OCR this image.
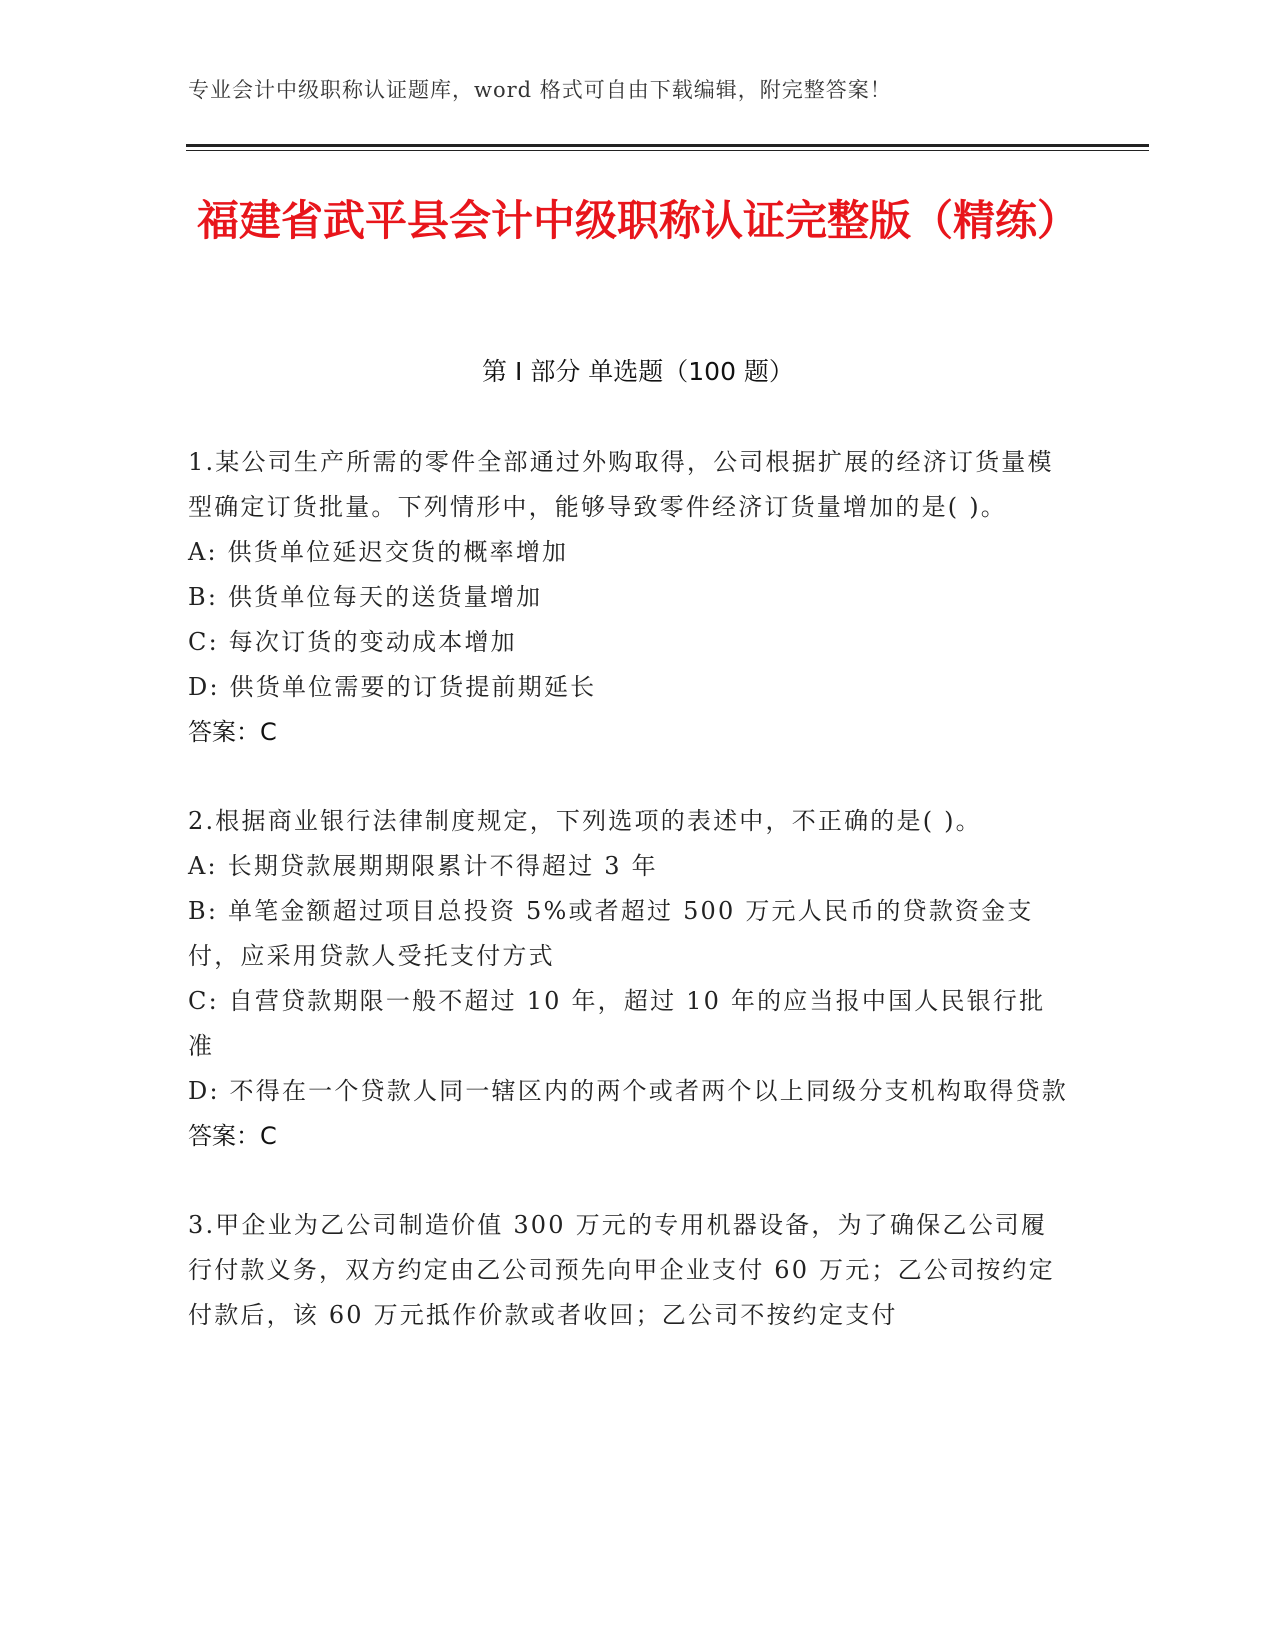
专业会计中级职称认证题库，word 格式可自由下载编辑，附完整答案！
福建省武平县会计中级职称认证完整版（精练）
第 I 部分 单选题（100 题）

1.某公司生产所需的零件全部通过外购取得，公司根据扩展的经济订货量模型确定订货批量。下列情形中，能够导致零件经济订货量增加的是( )。

A: 供货单位延迟交货的概率增加

B: 供货单位每天的送货量增加

C: 每次订货的变动成本增加

D: 供货单位需要的订货提前期延长

答案：C

2.根据商业银行法律制度规定，下列选项的表述中，不正确的是( )。

A: 长期贷款展期期限累计不得超过 3 年

B: 单笔金额超过项目总投资 5%或者超过 500 万元人民币的贷款资金支付，应采用贷款人受托支付方式

C: 自营贷款期限一般不超过 10 年，超过 10 年的应当报中国人民银行批准

D: 不得在一个贷款人同一辖区内的两个或者两个以上同级分支机构取得贷款

答案：C

3.甲企业为乙公司制造价值 300 万元的专用机器设备，为了确保乙公司履行付款义务，双方约定由乙公司预先向甲企业支付 60 万元；乙公司按约定付款后，该 60 万元抵作价款或者收回；乙公司不按约定支付
